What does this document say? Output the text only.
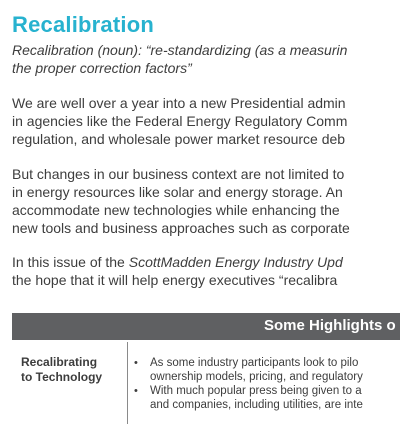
Recalibration
Recalibration (noun): “re-standardizing (as a measurin
the proper correction factors”
We are well over a year into a new Presidential admin
in agencies like the Federal Energy Regulatory Comm
regulation, and wholesale power market resource deb
But changes in our business context are not limited to
in energy resources like solar and energy storage. An
accommodate new technologies while enhancing the
new tools and business approaches such as corporate
In this issue of the ScottMadden Energy Industry Upd
the hope that it will help energy executives “recalibra
Some Highlights o
Recalibrating
to Technology
• As some industry participants look to pilo
ownership models, pricing, and regulatory
• With much popular press being given to a
and companies, including utilities, are inte
